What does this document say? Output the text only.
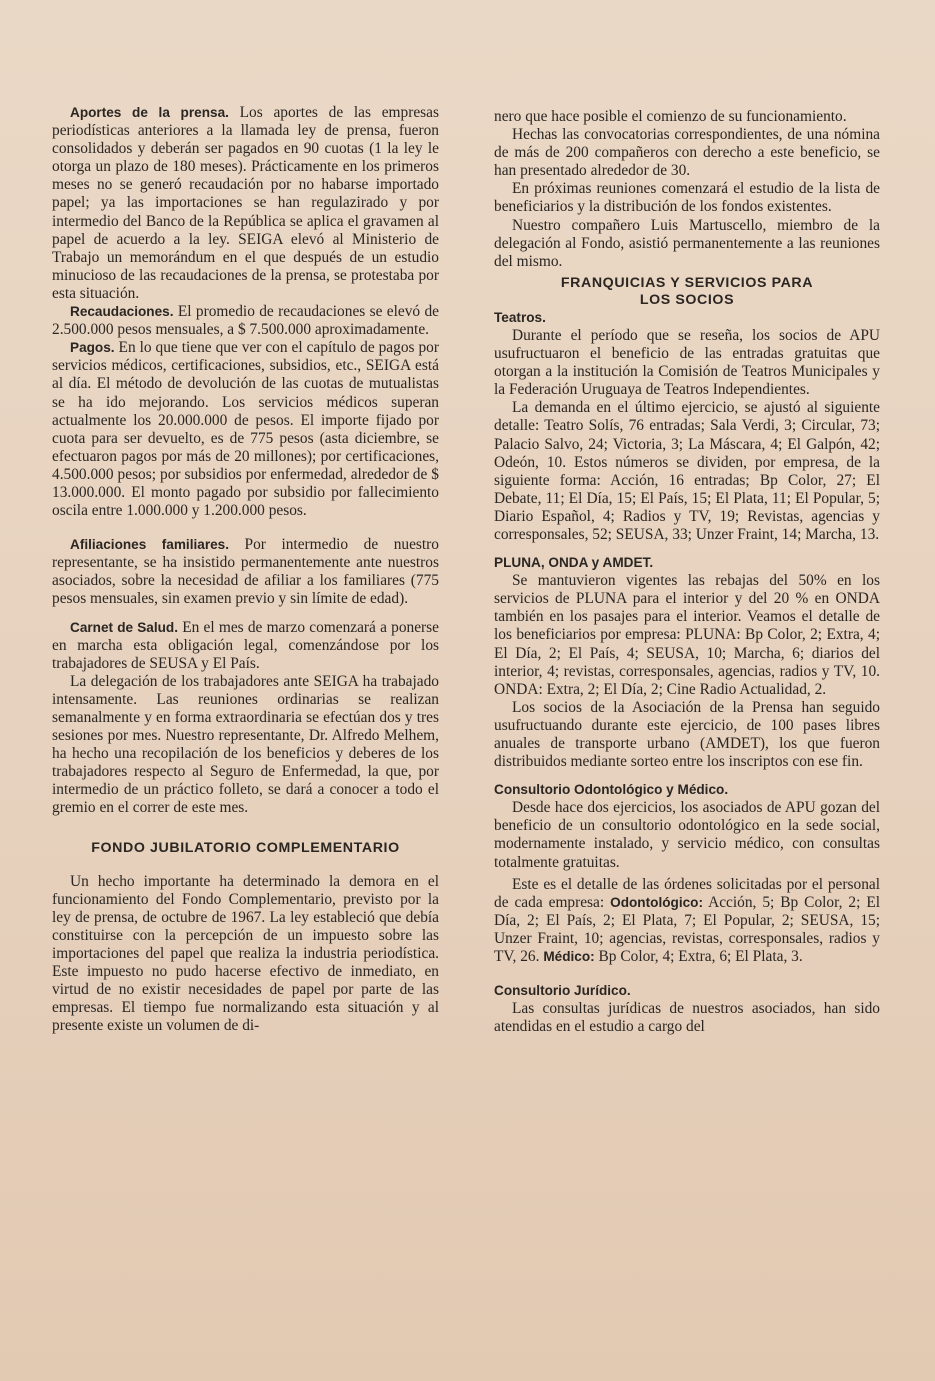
Aportes de la prensa. Los aportes de las empresas periodísticas anteriores a la llamada ley de prensa, fueron consolidados y deberán ser pagados en 90 cuotas (1 la ley le otorga un plazo de 180 meses). Prácticamente en los primeros meses no se generó recaudación por no habarse importado papel; ya las importaciones se han regulazirado y por intermedio del Banco de la República se aplica el gravamen al papel de acuerdo a la ley. SEIGA elevó al Ministerio de Trabajo un memorándum en el que después de un estudio minucioso de las recaudaciones de la prensa, se protestaba por esta situación.

Recaudaciones. El promedio de recaudaciones se elevó de 2.500.000 pesos mensuales, a $ 7.500.000 aproximadamente.

Pagos. En lo que tiene que ver con el capítulo de pagos por servicios médicos, certificaciones, subsidios, etc., SEIGA está al día. El método de devolución de las cuotas de mutualistas se ha ido mejorando. Los servicios médicos superan actualmente los 20.000.000 de pesos. El importe fijado por cuota para ser devuelto, es de 775 pesos (asta diciembre, se efectuaron pagos por más de 20 millones); por certificaciones, 4.500.000 pesos; por subsidios por enfermedad, alrededor de $ 13.000.000. El monto pagado por subsidio por fallecimiento oscila entre 1.000.000 y 1.200.000 pesos.

Afiliaciones familiares. Por intermedio de nuestro representante, se ha insistido permanentemente ante nuestros asociados, sobre la necesidad de afiliar a los familiares (775 pesos mensuales, sin examen previo y sin límite de edad).

Carnet de Salud. En el mes de marzo comenzará a ponerse en marcha esta obligación legal, comenzándose por los trabajadores de SEUSA y El País.

La delegación de los trabajadores ante SEIGA ha trabajado intensamente. Las reuniones ordinarias se realizan semanalmente y en forma extraordinaria se efectúan dos y tres sesiones por mes. Nuestro representante, Dr. Alfredo Melhem, ha hecho una recopilación de los beneficios y deberes de los trabajadores respecto al Seguro de Enfermedad, la que, por intermedio de un práctico folleto, se dará a conocer a todo el gremio en el correr de este mes.

FONDO JUBILATORIO COMPLEMENTARIO

Un hecho importante ha determinado la demora en el funcionamiento del Fondo Complementario, previsto por la ley de prensa, de octubre de 1967. La ley estableció que debía constituirse con la percepción de un impuesto sobre las importaciones del papel que realiza la industria periodística. Este impuesto no pudo hacerse efectivo de inmediato, en virtud de no existir necesidades de papel por parte de las empresas. El tiempo fue normalizando esta situación y al presente existe un volumen de di-

nero que hace posible el comienzo de su funcionamiento.

Hechas las convocatorias correspondientes, de una nómina de más de 200 compañeros con derecho a este beneficio, se han presentado alrededor de 30.

En próximas reuniones comenzará el estudio de la lista de beneficiarios y la distribución de los fondos existentes.

Nuestro compañero Luis Martuscello, miembro de la delegación al Fondo, asistió permanentemente a las reuniones del mismo.

FRANQUICIAS Y SERVICIOS PARA
LOS SOCIOS
Teatros.

Durante el período que se reseña, los socios de APU usufructuaron el beneficio de las entradas gratuitas que otorgan a la institución la Comisión de Teatros Municipales y la Federación Uruguaya de Teatros Independientes.

La demanda en el último ejercicio, se ajustó al siguiente detalle: Teatro Solís, 76 entradas; Sala Verdi, 3; Circular, 73; Palacio Salvo, 24; Victoria, 3; La Máscara, 4; El Galpón, 42; Odeón, 10. Estos números se dividen, por empresa, de la siguiente forma: Acción, 16 entradas; Bp Color, 27; El Debate, 11; El Día, 15; El País, 15; El Plata, 11; El Popular, 5; Diario Español, 4; Radios y TV, 19; Revistas, agencias y corresponsales, 52; SEUSA, 33; Unzer Fraint, 14; Marcha, 13.

PLUNA, ONDA y AMDET.

Se mantuvieron vigentes las rebajas del 50% en los servicios de PLUNA para el interior y del 20 % en ONDA también en los pasajes para el interior. Veamos el detalle de los beneficiarios por empresa: PLUNA: Bp Color, 2; Extra, 4; El Día, 2; El País, 4; SEUSA, 10; Marcha, 6; diarios del interior, 4; revistas, corresponsales, agencias, radios y TV, 10. ONDA: Extra, 2; El Día, 2; Cine Radio Actualidad, 2.

Los socios de la Asociación de la Prensa han seguido usufructuando durante este ejercicio, de 100 pases libres anuales de transporte urbano (AMDET), los que fueron distribuidos mediante sorteo entre los inscriptos con ese fin.

Consultorio Odontológico y Médico.

Desde hace dos ejercicios, los asociados de APU gozan del beneficio de un consultorio odontológico en la sede social, modernamente instalado, y servicio médico, con consultas totalmente gratuitas.

Este es el detalle de las órdenes solicitadas por el personal de cada empresa: Odontológico: Acción, 5; Bp Color, 2; El Día, 2; El País, 2; El Plata, 7; El Popular, 2; SEUSA, 15; Unzer Fraint, 10; agencias, revistas, corresponsales, radios y TV, 26. Médico: Bp Color, 4; Extra, 6; El Plata, 3.

Consultorio Jurídico.

Las consultas jurídicas de nuestros asociados, han sido atendidas en el estudio a cargo del
